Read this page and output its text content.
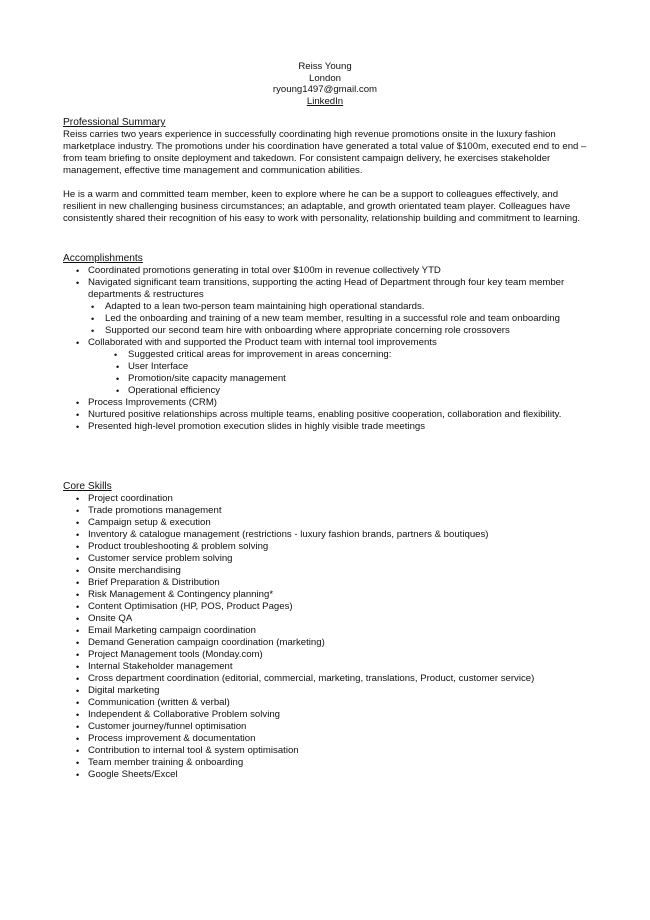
Reiss Young
London
ryoung1497@gmail.com
LinkedIn
Professional Summary

Reiss carries two years experience in successfully coordinating high revenue promotions onsite in the luxury fashion marketplace industry. The promotions under his coordination have generated a total value of $100m, executed end to end – from team briefing to onsite deployment and takedown. For consistent campaign delivery, he exercises stakeholder management, effective time management and communication abilities.

He is a warm and committed team member, keen to explore where he can be a support to colleagues effectively, and resilient in new challenging business circumstances; an adaptable, and growth orientated team player. Colleagues have consistently shared their recognition of his easy to work with personality, relationship building and commitment to learning.

Accomplishments
• Coordinated promotions generating in total over $100m in revenue collectively YTD
• Navigated significant team transitions, supporting the acting Head of Department through four key team member departments & restructures
• Adapted to a lean two-person team maintaining high operational standards.
• Led the onboarding and training of a new team member, resulting in a successful role and team onboarding
• Supported our second team hire with onboarding where appropriate concerning role crossovers
• Collaborated with and supported the Product team with internal tool improvements
• Suggested critical areas for improvement in areas concerning:
• User Interface
• Promotion/site capacity management
• Operational efficiency
• Process Improvements (CRM)
• Nurtured positive relationships across multiple teams, enabling positive cooperation, collaboration and flexibility.
• Presented high-level promotion execution slides in highly visible trade meetings
Core Skills
• Project coordination
• Trade promotions management
• Campaign setup & execution
• Inventory & catalogue management (restrictions - luxury fashion brands, partners & boutiques)
• Product troubleshooting & problem solving
• Customer service problem solving
• Onsite merchandising
• Brief Preparation & Distribution
• Risk Management & Contingency planning*
• Content Optimisation (HP, POS, Product Pages)
• Onsite QA
• Email Marketing campaign coordination
• Demand Generation campaign coordination (marketing)
• Project Management tools (Monday.com)
• Internal Stakeholder management
• Cross department coordination (editorial, commercial, marketing, translations, Product, customer service)
• Digital marketing
• Communication (written & verbal)
• Independent & Collaborative Problem solving
• Customer journey/funnel optimisation
• Process improvement & documentation
• Contribution to internal tool & system optimisation
• Team member training & onboarding
• Google Sheets/Excel
